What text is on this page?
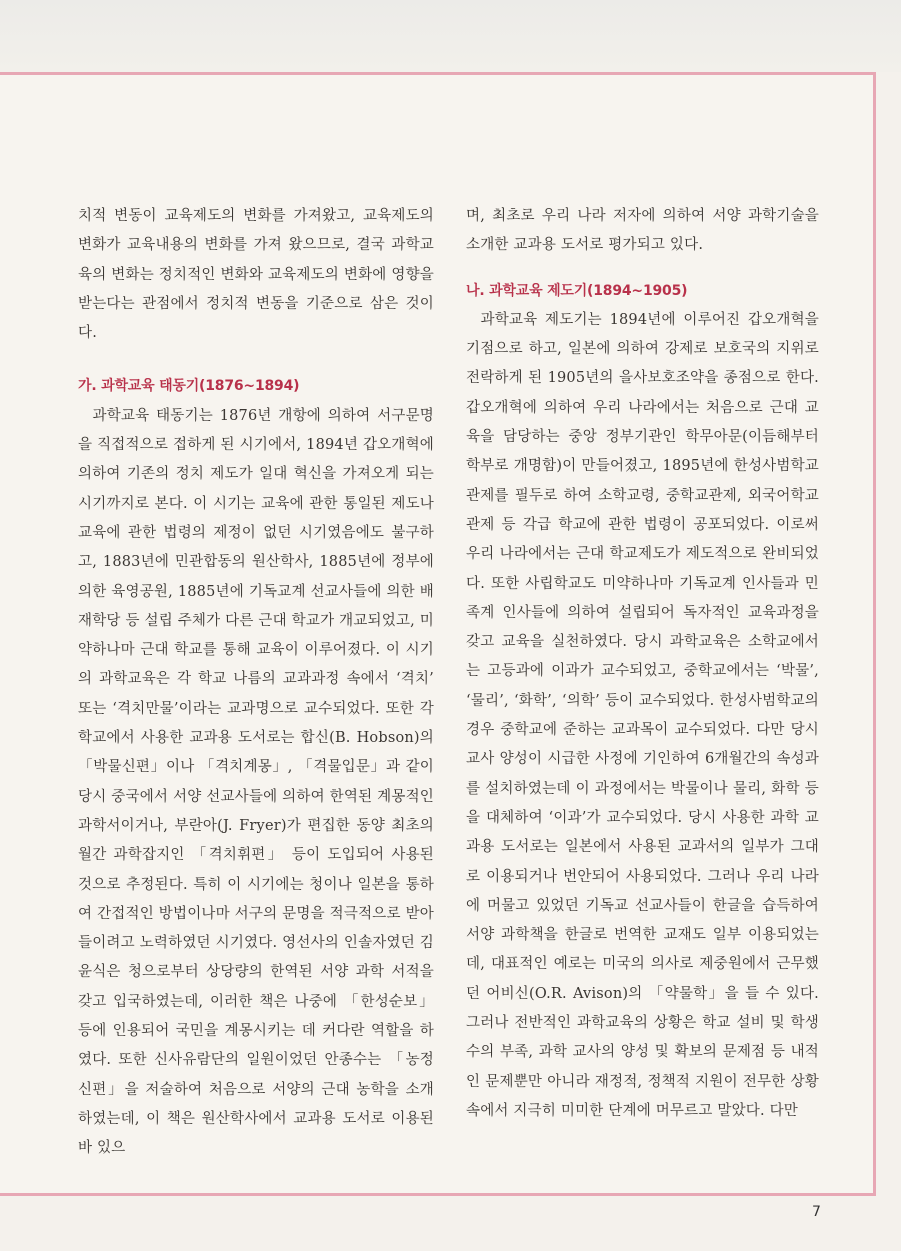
치적 변동이 교육제도의 변화를 가져왔고, 교육제도의 변화가 교육내용의 변화를 가져 왔으므로, 결국 과학교육의 변화는 정치적인 변화와 교육제도의 변화에 영향을 받는다는 관점에서 정치적 변동을 기준으로 삼은 것이다.

가. 과학교육 태동기(1876~1894)

과학교육 태동기는 1876년 개항에 의하여 서구문명을 직접적으로 접하게 된 시기에서, 1894년 갑오개혁에 의하여 기존의 정치 제도가 일대 혁신을 가져오게 되는 시기까지로 본다. 이 시기는 교육에 관한 통일된 제도나 교육에 관한 법령의 제정이 없던 시기였음에도 불구하고, 1883년에 민관합동의 원산학사, 1885년에 정부에 의한 육영공원, 1885년에 기독교계 선교사들에 의한 배재학당 등 설립 주체가 다른 근대 학교가 개교되었고, 미약하나마 근대 학교를 통해 교육이 이루어졌다. 이 시기의 과학교육은 각 학교 나름의 교과과정 속에서 ‘격치’ 또는 ‘격치만물’이라는 교과명으로 교수되었다. 또한 각 학교에서 사용한 교과용 도서로는 합신(B. Hobson)의 「박물신편」이나 「격치계몽」, 「격물입문」과 같이 당시 중국에서 서양 선교사들에 의하여 한역된 계몽적인 과학서이거나, 부란아(J. Fryer)가 편집한 동양 최초의 월간 과학잡지인 「격치휘편」 등이 도입되어 사용된 것으로 추정된다. 특히 이 시기에는 청이나 일본을 통하여 간접적인 방법이나마 서구의 문명을 적극적으로 받아들이려고 노력하였던 시기였다. 영선사의 인솔자였던 김윤식은 청으로부터 상당량의 한역된 서양 과학 서적을 갖고 입국하였는데, 이러한 책은 나중에 「한성순보」 등에 인용되어 국민을 계몽시키는 데 커다란 역할을 하였다. 또한 신사유람단의 일원이었던 안종수는 「농정신편」을 저술하여 처음으로 서양의 근대 농학을 소개하였는데, 이 책은 원산학사에서 교과용 도서로 이용된 바 있으

며, 최초로 우리 나라 저자에 의하여 서양 과학기술을 소개한 교과용 도서로 평가되고 있다.

나. 과학교육 제도기(1894~1905)

과학교육 제도기는 1894년에 이루어진 갑오개혁을 기점으로 하고, 일본에 의하여 강제로 보호국의 지위로 전락하게 된 1905년의 을사보호조약을 종점으로 한다. 갑오개혁에 의하여 우리 나라에서는 처음으로 근대 교육을 담당하는 중앙 정부기관인 학무아문(이듬해부터 학부로 개명함)이 만들어졌고, 1895년에 한성사범학교관제를 필두로 하여 소학교령, 중학교관제, 외국어학교관제 등 각급 학교에 관한 법령이 공포되었다. 이로써 우리 나라에서는 근대 학교제도가 제도적으로 완비되었다. 또한 사립학교도 미약하나마 기독교계 인사들과 민족계 인사들에 의하여 설립되어 독자적인 교육과정을 갖고 교육을 실천하였다. 당시 과학교육은 소학교에서는 고등과에 이과가 교수되었고, 중학교에서는 ‘박물’, ‘물리’, ‘화학’, ‘의학’ 등이 교수되었다. 한성사범학교의 경우 중학교에 준하는 교과목이 교수되었다. 다만 당시 교사 양성이 시급한 사정에 기인하여 6개월간의 속성과를 설치하였는데 이 과정에서는 박물이나 물리, 화학 등을 대체하여 ‘이과’가 교수되었다. 당시 사용한 과학 교과용 도서로는 일본에서 사용된 교과서의 일부가 그대로 이용되거나 번안되어 사용되었다. 그러나 우리 나라에 머물고 있었던 기독교 선교사들이 한글을 습득하여 서양 과학책을 한글로 번역한 교재도 일부 이용되었는데, 대표적인 예로는 미국의 의사로 제중원에서 근무했던 어비신(O.R. Avison)의 「약물학」을 들 수 있다. 그러나 전반적인 과학교육의 상황은 학교 설비 및 학생수의 부족, 과학 교사의 양성 및 확보의 문제점 등 내적인 문제뿐만 아니라 재정적, 정책적 지원이 전무한 상황 속에서 지극히 미미한 단계에 머무르고 말았다. 다만

7
